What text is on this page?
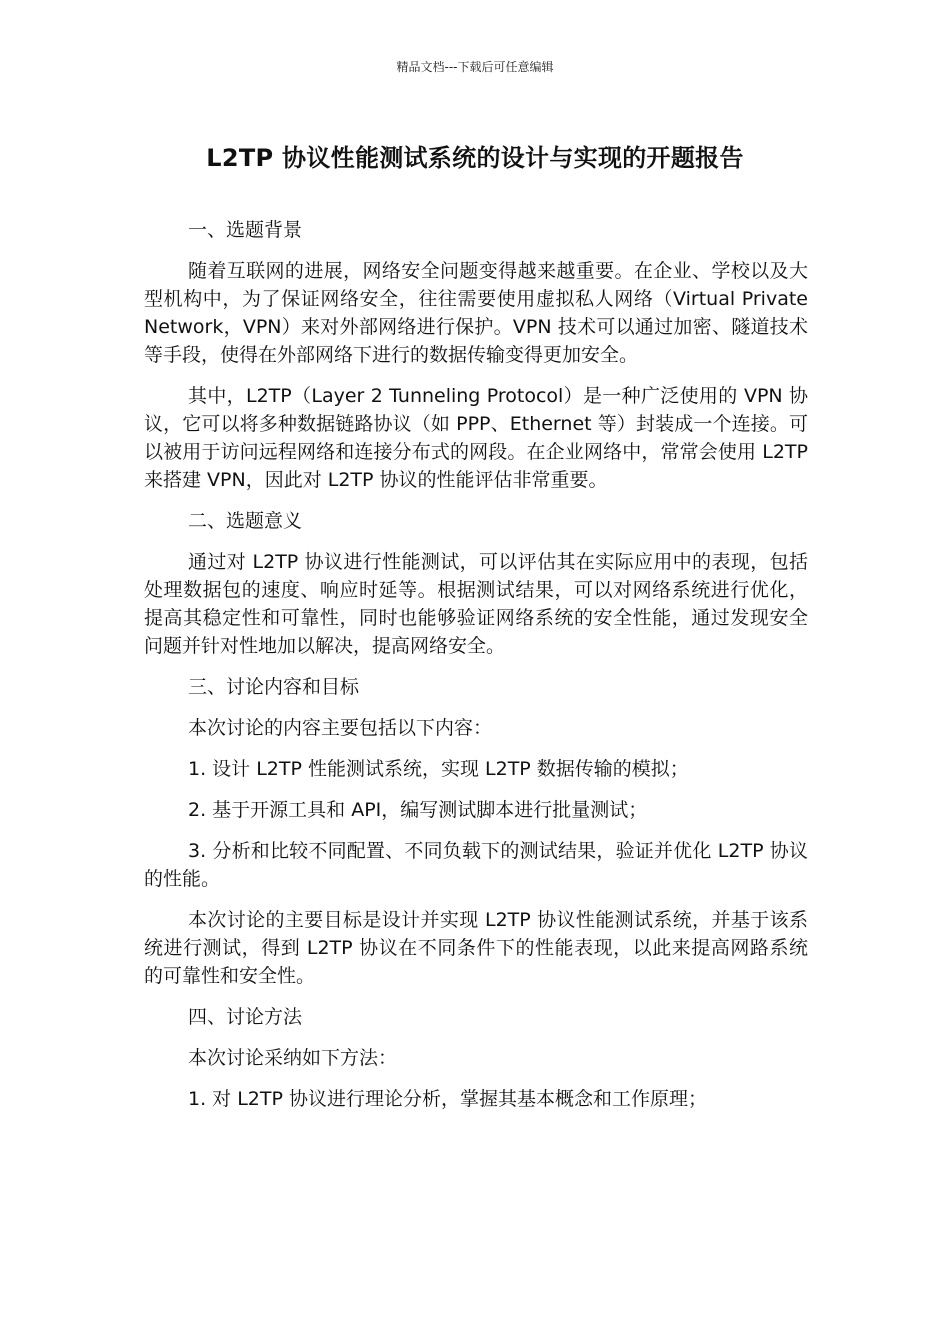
精品文档---下载后可任意编辑
L2TP 协议性能测试系统的设计与实现的开题报告
一、选题背景
随着互联网的进展，网络安全问题变得越来越重要。在企业、学校以及大型机构中，为了保证网络安全，往往需要使用虚拟私人网络（Virtual Private Network，VPN）来对外部网络进行保护。VPN 技术可以通过加密、隧道技术等手段，使得在外部网络下进行的数据传输变得更加安全。
其中，L2TP（Layer 2 Tunneling Protocol）是一种广泛使用的 VPN 协议，它可以将多种数据链路协议（如 PPP、Ethernet 等）封装成一个连接。可以被用于访问远程网络和连接分布式的网段。在企业网络中，常常会使用 L2TP 来搭建 VPN，因此对 L2TP 协议的性能评估非常重要。
二、选题意义
通过对 L2TP 协议进行性能测试，可以评估其在实际应用中的表现，包括处理数据包的速度、响应时延等。根据测试结果，可以对网络系统进行优化，提高其稳定性和可靠性，同时也能够验证网络系统的安全性能，通过发现安全问题并针对性地加以解决，提高网络安全。
三、讨论内容和目标
本次讨论的内容主要包括以下内容：
1. 设计 L2TP 性能测试系统，实现 L2TP 数据传输的模拟；
2. 基于开源工具和 API，编写测试脚本进行批量测试；
3. 分析和比较不同配置、不同负载下的测试结果，验证并优化 L2TP 协议的性能。
本次讨论的主要目标是设计并实现 L2TP 协议性能测试系统，并基于该系统进行测试，得到 L2TP 协议在不同条件下的性能表现，以此来提高网路系统的可靠性和安全性。
四、讨论方法
本次讨论采纳如下方法：
1. 对 L2TP 协议进行理论分析，掌握其基本概念和工作原理；
